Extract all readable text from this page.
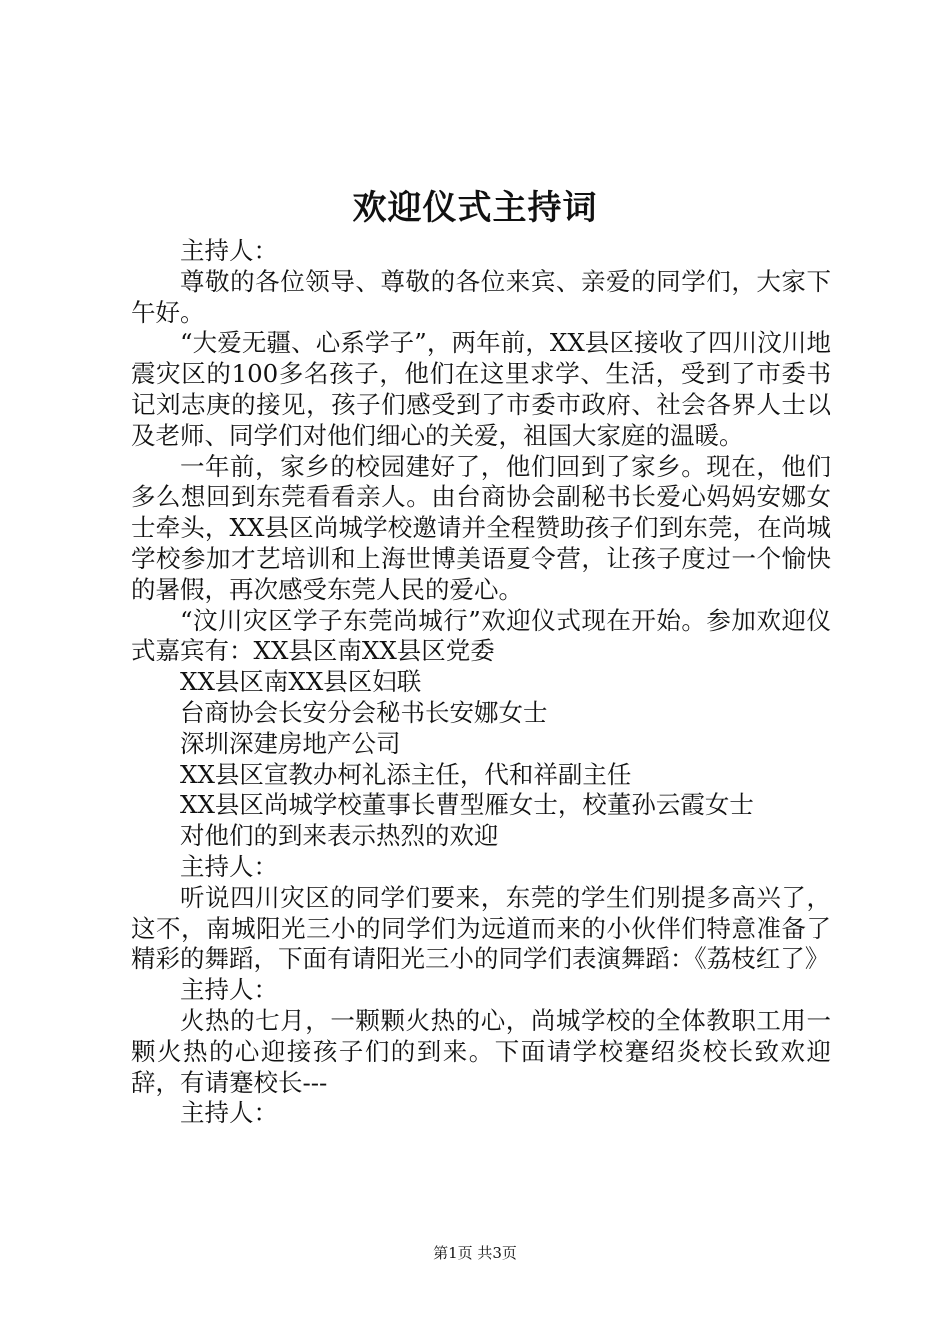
欢迎仪式主持词

主持人：

尊敬的各位领导、尊敬的各位来宾、亲爱的同学们，大家下午好。

“大爱无疆、心系学子”，两年前，XX县区接收了四川汶川地震灾区的100多名孩子，他们在这里求学、生活，受到了市委书记刘志庚的接见，孩子们感受到了市委市政府、社会各界人士以及老师、同学们对他们细心的关爱，祖国大家庭的温暖。

一年前，家乡的校园建好了，他们回到了家乡。现在，他们多么想回到东莞看看亲人。由台商协会副秘书长爱心妈妈安娜女士牵头，XX县区尚城学校邀请并全程赞助孩子们到东莞，在尚城学校参加才艺培训和上海世博美语夏令营，让孩子度过一个愉快的暑假，再次感受东莞人民的爱心。

“汶川灾区学子东莞尚城行”欢迎仪式现在开始。参加欢迎仪式嘉宾有：XX县区南XX县区党委

XX县区南XX县区妇联

台商协会长安分会秘书长安娜女士

深圳深建房地产公司

XX县区宣教办柯礼添主任，代和祥副主任

XX县区尚城学校董事长曹型雁女士，校董孙云霞女士

对他们的到来表示热烈的欢迎

主持人：

听说四川灾区的同学们要来，东莞的学生们别提多高兴了，这不，南城阳光三小的同学们为远道而来的小伙伴们特意准备了精彩的舞蹈，下面有请阳光三小的同学们表演舞蹈：《荔枝红了》

主持人：

火热的七月，一颗颗火热的心，尚城学校的全体教职工用一颗火热的心迎接孩子们的到来。下面请学校蹇绍炎校长致欢迎辞，有请蹇校长---

主持人：

第1页 共3页
